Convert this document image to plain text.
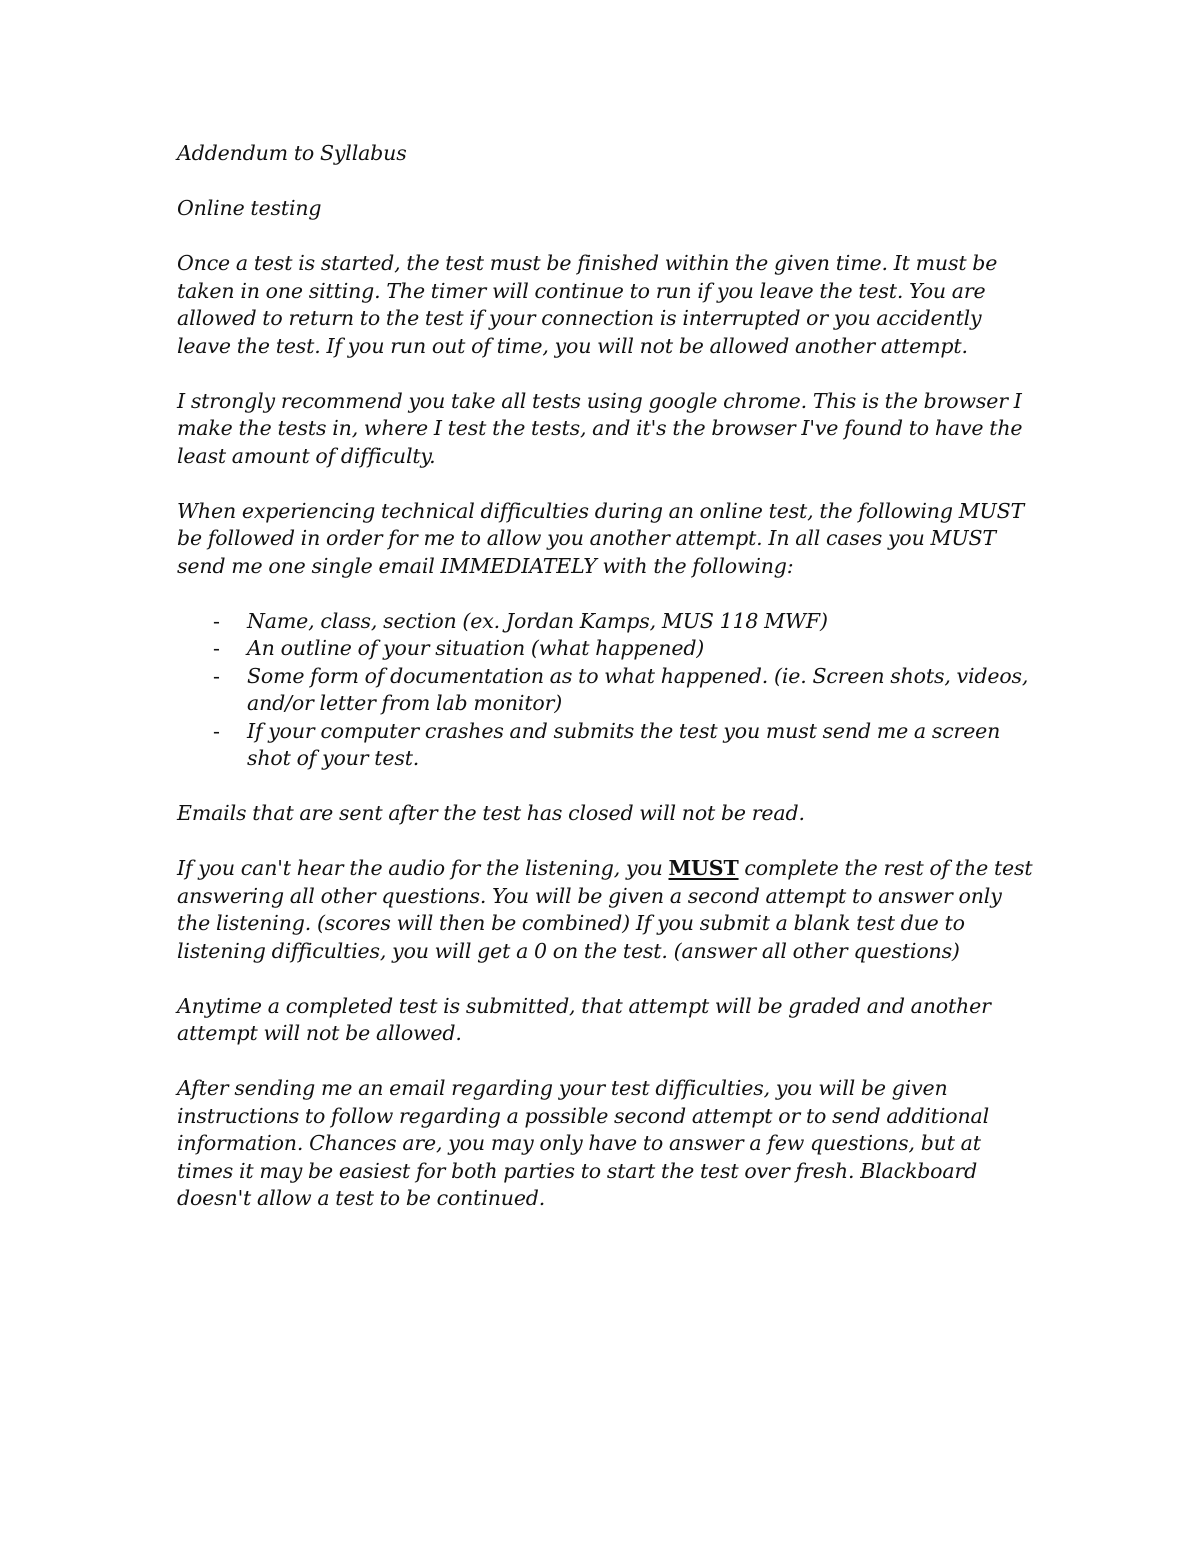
Addendum to Syllabus

Online testing

Once a test is started, the test must be finished within the given time. It must be taken in one sitting. The timer will continue to run if you leave the test. You are allowed to return to the test if your connection is interrupted or you accidently leave the test. If you run out of time, you will not be allowed another attempt.

I strongly recommend you take all tests using google chrome. This is the browser I make the tests in, where I test the tests, and it's the browser I've found to have the least amount of difficulty.

When experiencing technical difficulties during an online test, the following MUST be followed in order for me to allow you another attempt. In all cases you MUST send me one single email IMMEDIATELY with the following:

- Name, class, section (ex. Jordan Kamps, MUS 118 MWF)
- An outline of your situation (what happened)
- Some form of documentation as to what happened. (ie. Screen shots, videos, and/or letter from lab monitor)
- If your computer crashes and submits the test you must send me a screen shot of your test.

Emails that are sent after the test has closed will not be read.

If you can't hear the audio for the listening, you MUST complete the rest of the test answering all other questions. You will be given a second attempt to answer only the listening. (scores will then be combined) If you submit a blank test due to listening difficulties, you will get a 0 on the test. (answer all other questions)

Anytime a completed test is submitted, that attempt will be graded and another attempt will not be allowed.

After sending me an email regarding your test difficulties, you will be given instructions to follow regarding a possible second attempt or to send additional information. Chances are, you may only have to answer a few questions, but at times it may be easiest for both parties to start the test over fresh. Blackboard doesn't allow a test to be continued.
